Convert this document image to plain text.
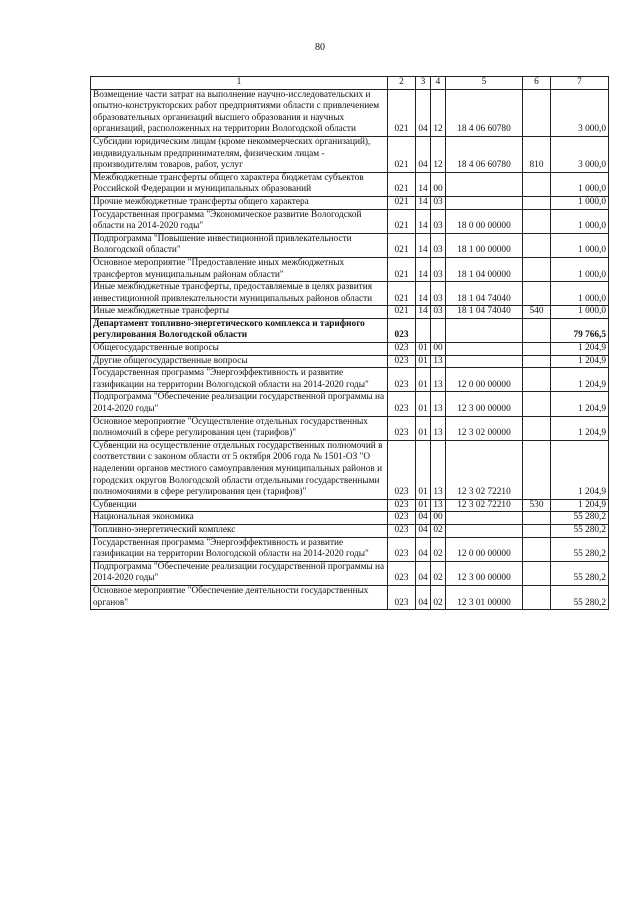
80
1	2	3	4	5	6	7
Возмещение части затрат на выполнение научно-исследовательских и опытно-конструкторских работ предприятиями области с привлечением образовательных организаций высшего образования и научных организаций, расположенных на территории Вологодской области	021	04	12	18 4 06 60780		3 000,0
Субсидии юридическим лицам (кроме некоммерческих организаций), индивидуальным предпринимателям, физическим лицам - производителям товаров, работ, услуг	021	04	12	18 4 06 60780	810	3 000,0
Межбюджетные трансферты общего характера бюджетам субъектов Российской Федерации и муниципальных образований	021	14	00			1 000,0
Прочие межбюджетные трансферты общего характера	021	14	03			1 000,0
Государственная программа "Экономическое развитие Вологодской области на 2014-2020 годы"	021	14	03	18 0 00 00000		1 000,0
Подпрограмма "Повышение инвестиционной привлекательности Вологодской области"	021	14	03	18 1 00 00000		1 000,0
Основное мероприятие "Предоставление иных межбюджетных трансфертов муниципальным районам области"	021	14	03	18 1 04 00000		1 000,0
Иные межбюджетные трансферты, предоставляемые в целях развития инвестиционной привлекательности муниципальных районов области	021	14	03	18 1 04 74040		1 000,0
Иные межбюджетные трансферты	021	14	03	18 1 04 74040	540	1 000,0
Департамент топливно-энергетического комплекса и тарифного регулирования Вологодской области	023					79 766,5
Общегосударственные вопросы	023	01	00			1 204,9
Другие общегосударственные вопросы	023	01	13			1 204,9
Государственная программа "Энергоэффективность и развитие газификации на территории Вологодской области на 2014-2020 годы"	023	01	13	12 0 00 00000		1 204,9
Подпрограмма "Обеспечение реализации государственной программы на 2014-2020 годы"	023	01	13	12 3 00 00000		1 204,9
Основное мероприятие "Осуществление отдельных государственных полномочий в сфере регулирования цен (тарифов)"	023	01	13	12 3 02 00000		1 204,9
Субвенции на осуществление отдельных государственных полномочий в соответствии с законом области от 5 октября 2006 года № 1501-ОЗ "О наделении органов местного самоуправления муниципальных районов и городских округов Вологодской области отдельными государственными полномочиями в сфере регулирования цен (тарифов)"	023	01	13	12 3 02 72210		1 204,9
Субвенции	023	01	13	12 3 02 72210	530	1 204,9
Национальная экономика	023	04	00			55 280,2
Топливно-энергетический комплекс	023	04	02			55 280,2
Государственная программа "Энергоэффективность и развитие газификации на территории Вологодской области на 2014-2020 годы"	023	04	02	12 0 00 00000		55 280,2
Подпрограмма "Обеспечение реализации государственной программы на 2014-2020 годы"	023	04	02	12 3 00 00000		55 280,2
Основное мероприятие "Обеспечение деятельности государственных органов"	023	04	02	12 3 01 00000		55 280,2
